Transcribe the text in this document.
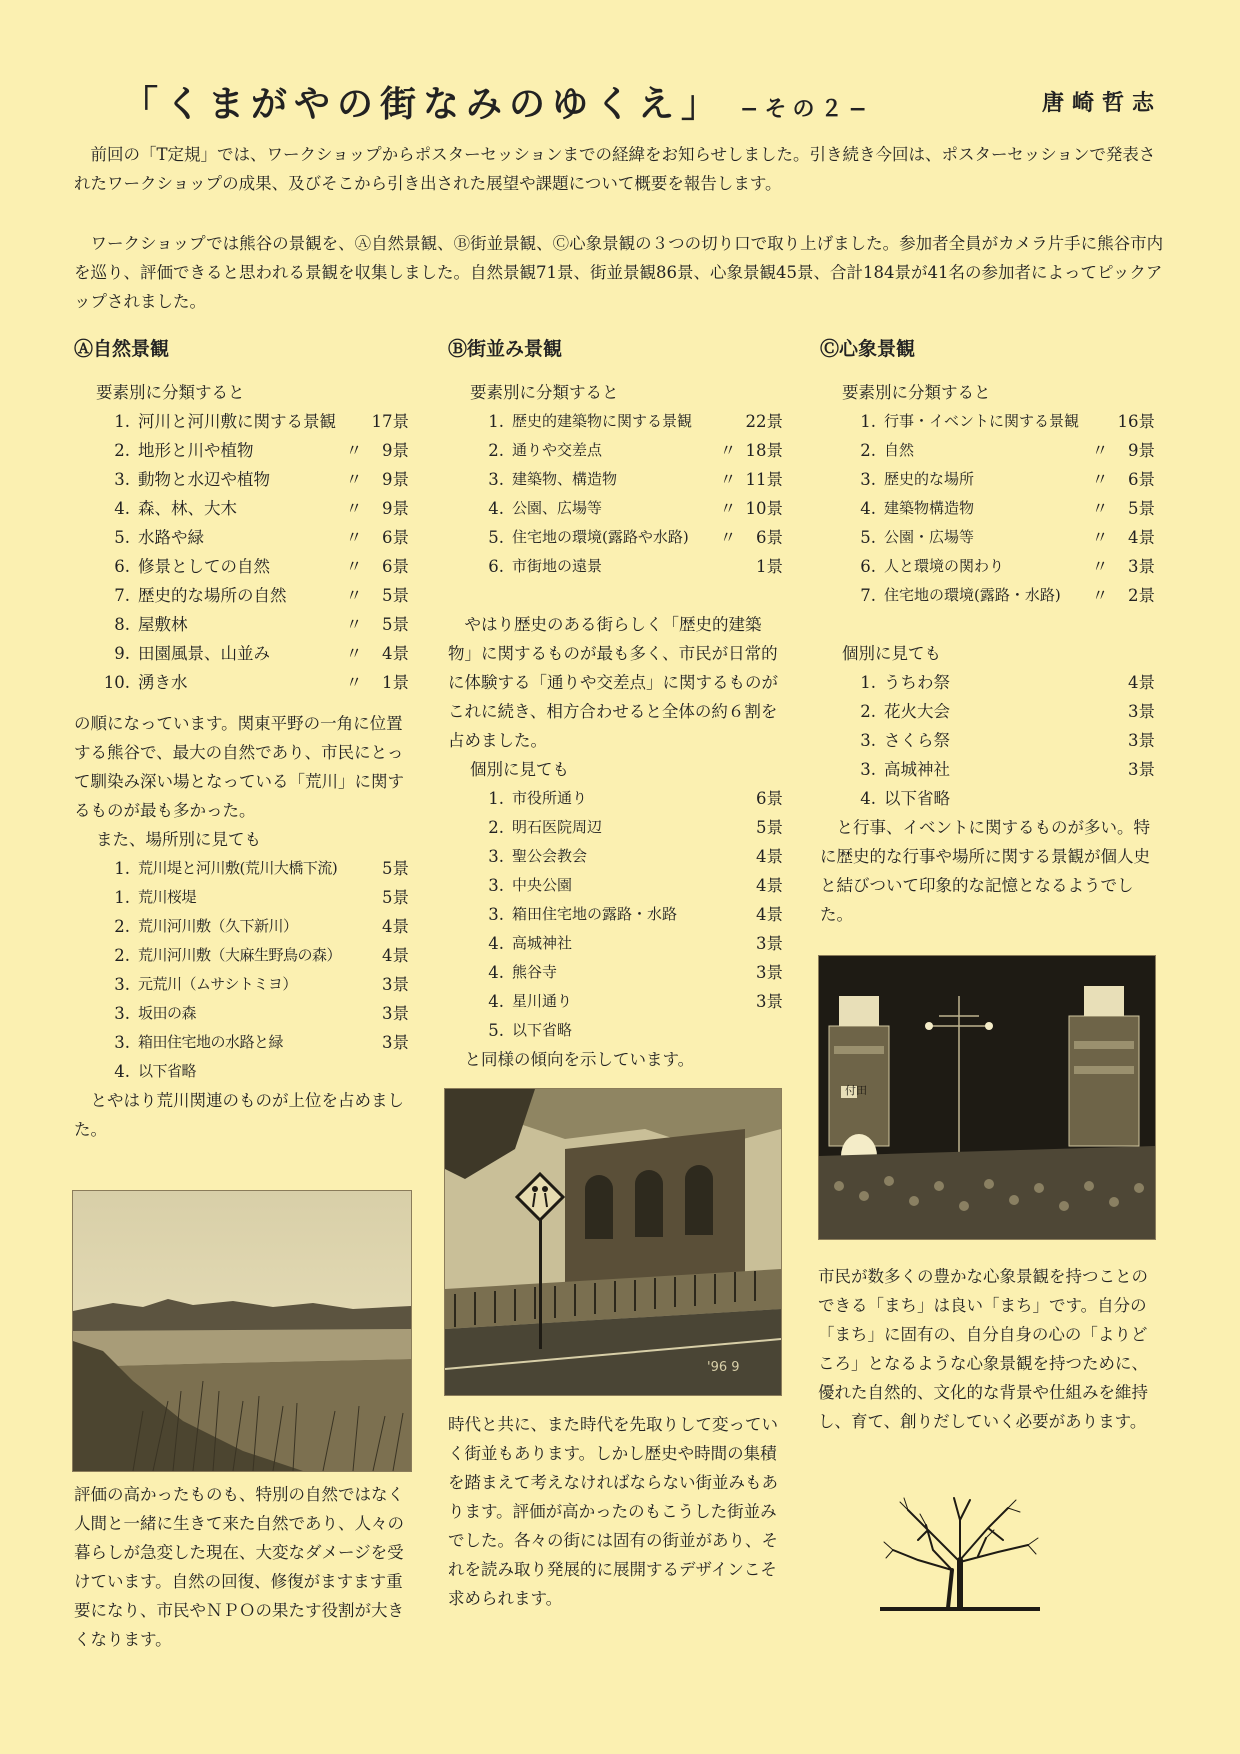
「くまがやの街なみのゆくえ」 −その２−	唐崎哲志

前回の「T定規」では、ワークショップからポスターセッションまでの経緯をお知らせしました。引き続き今回は、ポスターセッションで発表されたワークショップの成果、及びそこから引き出された展望や課題について概要を報告します。

ワークショップでは熊谷の景観を、Ⓐ自然景観、Ⓑ街並景観、Ⓒ心象景観の３つの切り口で取り上げました。参加者全員がカメラ片手に熊谷市内を巡り、評価できると思われる景観を収集しました。自然景観71景、街並景観86景、心象景観45景、合計184景が41名の参加者によってピックアップされました。

Ⓐ自然景観
要素別に分類すると
1. 河川と河川敷に関する景観	17景
2. 地形と川や植物	〃	9景
3. 動物と水辺や植物	〃	9景
4. 森、林、大木	〃	9景
5. 水路や緑	〃	6景
6. 修景としての自然	〃	6景
7. 歴史的な場所の自然	〃	5景
8. 屋敷林	〃	5景
9. 田園風景、山並み	〃	4景
10. 湧き水	〃	1景

の順になっています。関東平野の一角に位置する熊谷で、最大の自然であり、市民にとって馴染み深い場となっている「荒川」に関するものが最も多かった。

また、場所別に見ても
1. 荒川堤と河川敷(荒川大橋下流)	5景
1. 荒川桜堤	5景
2. 荒川河川敷（久下新川）	4景
2. 荒川河川敷（大麻生野鳥の森）	4景
3. 元荒川（ムサシトミヨ）	3景
3. 坂田の森	3景
3. 箱田住宅地の水路と緑	3景
4. 以下省略

とやはり荒川関連のものが上位を占めました。

評価の高かったものも、特別の自然ではなく人間と一緒に生きて来た自然であり、人々の暮らしが急変した現在、大変なダメージを受けています。自然の回復、修復がますます重要になり、市民やＮＰＯの果たす役割が大きくなります。

Ⓑ街並み景観
要素別に分類すると
1. 歴史的建築物に関する景観	22景
2. 通りや交差点	〃 18景
3. 建築物、構造物	〃 11景
4. 公園、広場等	〃 10景
5. 住宅地の環境(露路や水路)	〃	6景
6. 市街地の遠景	1景

やはり歴史のある街らしく「歴史的建築物」に関するものが最も多く、市民が日常的に体験する「通りや交差点」に関するものがこれに続き、相方合わせると全体の約６割を占めました。

個別に見ても
1. 市役所通り	6景
2. 明石医院周辺	5景
3. 聖公会教会	4景
3. 中央公園	4景
3. 箱田住宅地の露路・水路	4景
4. 高城神社	3景
4. 熊谷寺	3景
4. 星川通り	3景
5. 以下省略

と同様の傾向を示しています。

'96 9

時代と共に、また時代を先取りして変っていく街並もあります。しかし歴史や時間の集積を踏まえて考えなければならない街並みもあります。評価が高かったのもこうした街並みでした。各々の街には固有の街並があり、それを読み取り発展的に展開するデザインこそ求められます。

Ⓒ心象景観
要素別に分類すると
1. 行事・イベントに関する景観	16景
2. 自然	〃	9景
3. 歴史的な場所	〃	6景
4. 建築物構造物	〃	5景
5. 公園・広場等	〃	4景
6. 人と環境の関わり	〃	3景
7. 住宅地の環境(露路・水路)	〃	2景
個別に見ても
1. うちわ祭	4景
2. 花火大会	3景
3. さくら祭	3景
3. 高城神社	3景
4. 以下省略

と行事、イベントに関するものが多い。特に歴史的な行事や場所に関する景観が個人史と結びついて印象的な記憶となるようでした。

付田

市民が数多くの豊かな心象景観を持つことのできる「まち」は良い「まち」です。自分の「まち」に固有の、自分自身の心の「よりどころ」となるような心象景観を持つために、優れた自然的、文化的な背景や仕組みを維持し、育て、創りだしていく必要があります。
